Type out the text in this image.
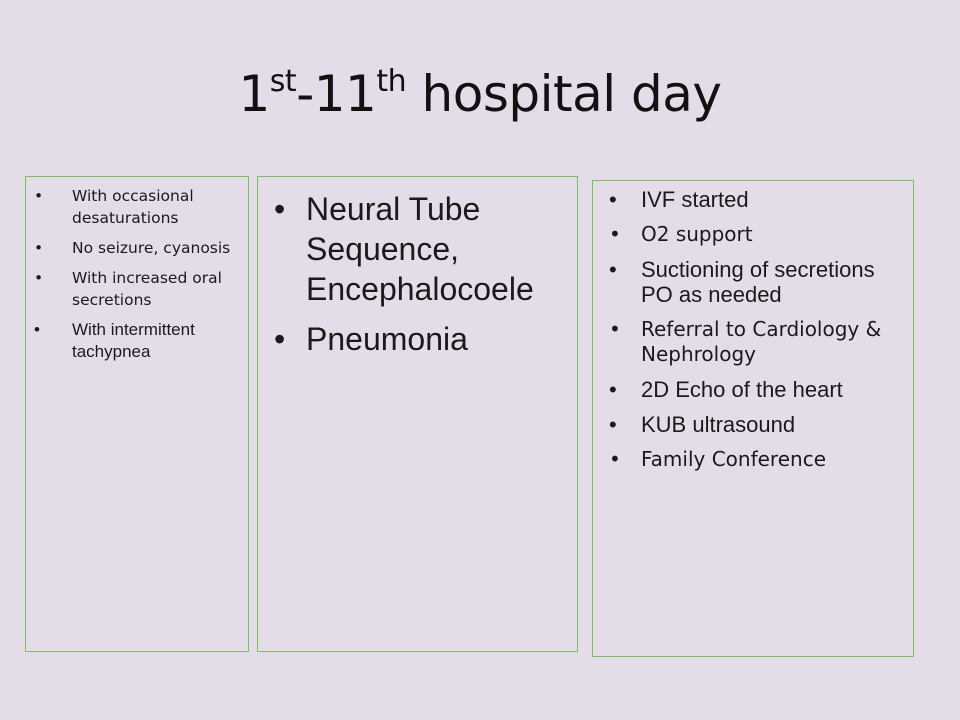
1st-11th hospital day
• With occasional desaturations
• No seizure, cyanosis
• With increased oral secretions
• With intermittent tachypnea
• Neural Tube Sequence, Encephalocoele
• Pneumonia
• IVF started
• O2 support
• Suctioning of secretions PO as needed
• Referral to Cardiology & Nephrology
• 2D Echo of the heart
• KUB ultrasound
• Family Conference
